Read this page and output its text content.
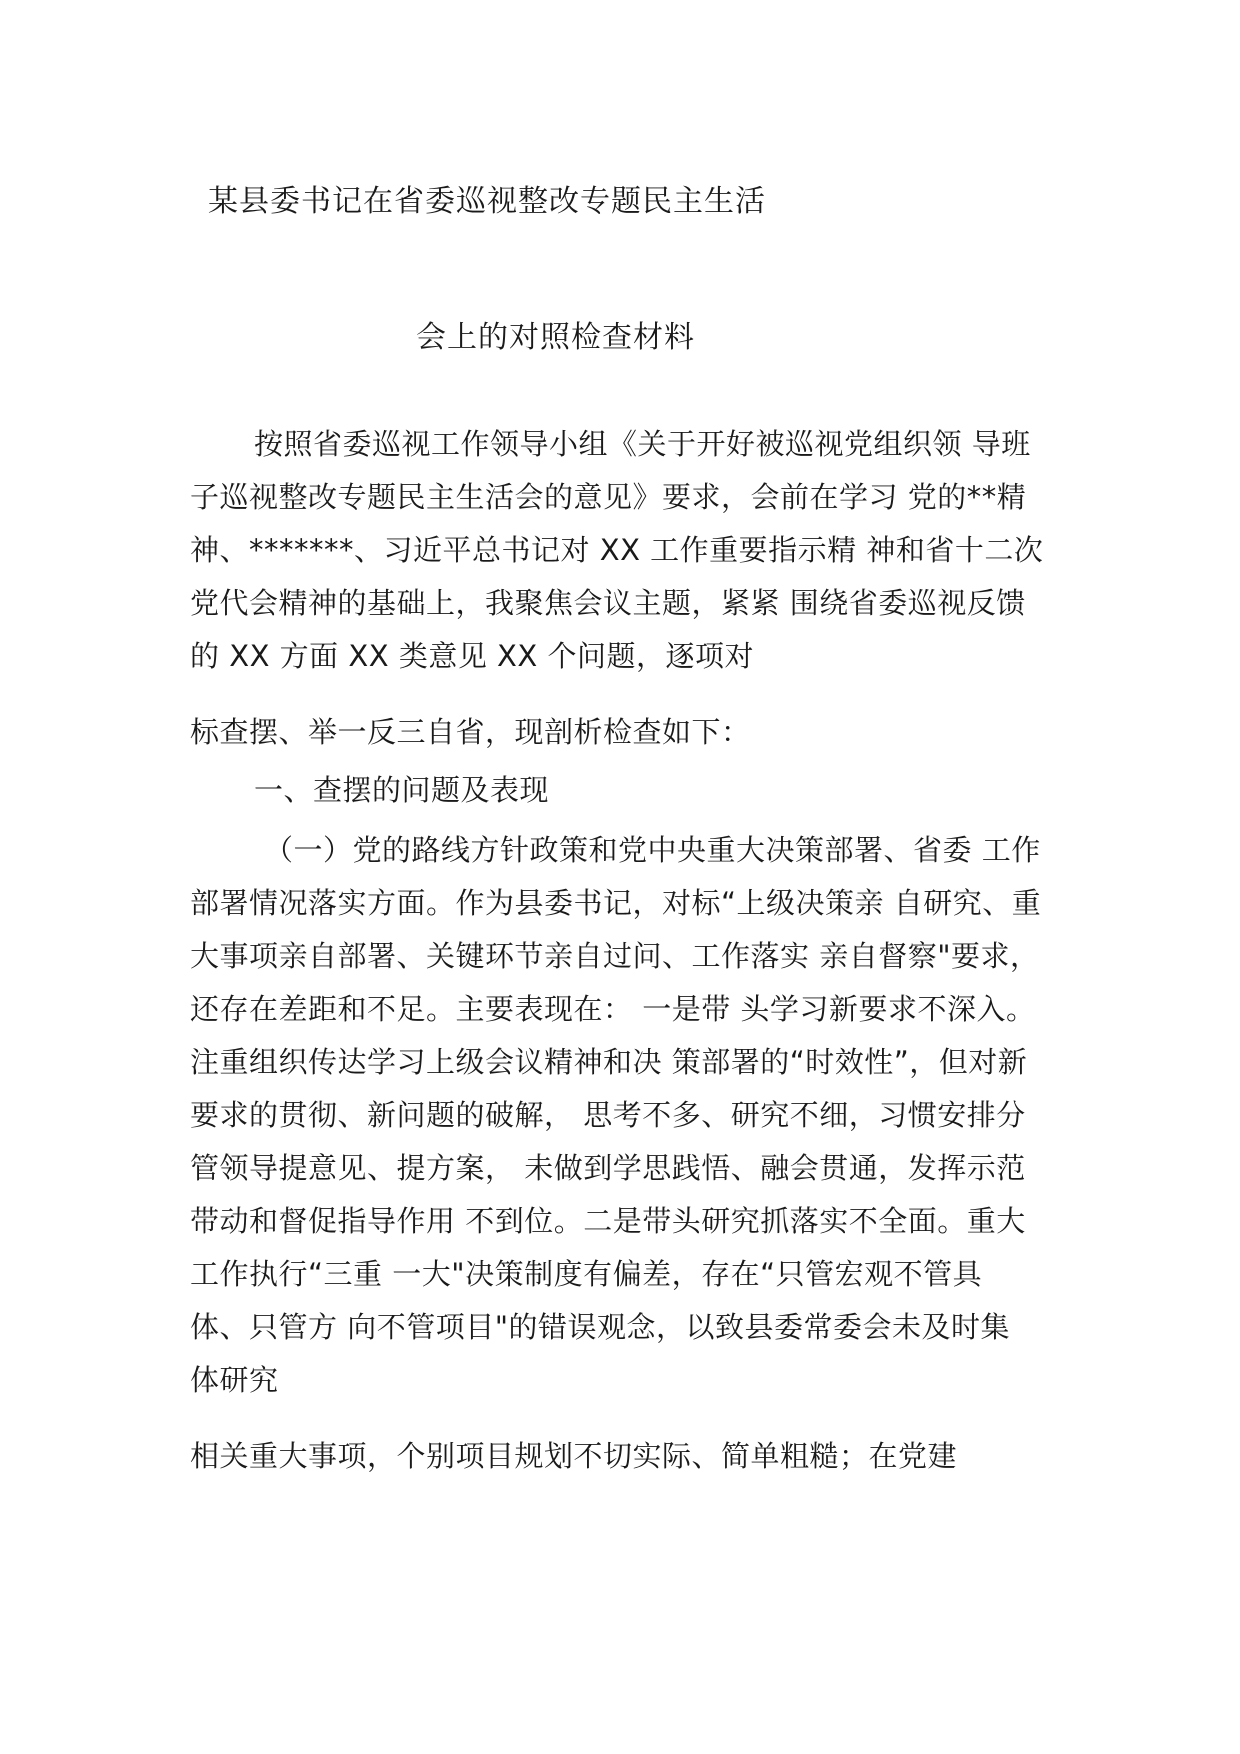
某县委书记在省委巡视整改专题民主生活
会上的对照检查材料
按照省委巡视工作领导小组《关于开好被巡视党组织领 导班
子巡视整改专题民主生活会的意见》要求，会前在学习 党的**精
神、*******、习近平总书记对 XX 工作重要指示精 神和省十二次
党代会精神的基础上，我聚焦会议主题，紧紧 围绕省委巡视反馈
的 XX 方面 XX 类意见 XX 个问题，逐项对
标查摆、举一反三自省，现剖析检查如下：
一、查摆的问题及表现
（一）党的路线方针政策和党中央重大决策部署、省委 工作
部署情况落实方面。作为县委书记，对标“上级决策亲 自研究、重
大事项亲自部署、关键环节亲自过问、工作落实 亲自督察"要求，
还存在差距和不足。主要表现在： 一是带 头学习新要求不深入。
注重组织传达学习上级会议精神和决 策部署的“时效性”，但对新
要求的贯彻、新问题的破解， 思考不多、研究不细，习惯安排分
管领导提意见、提方案， 未做到学思践悟、融会贯通，发挥示范
带动和督促指导作用 不到位。二是带头研究抓落实不全面。重大
工作执行“三重 一大"决策制度有偏差，存在“只管宏观不管具
体、只管方 向不管项目"的错误观念，以致县委常委会未及时集
体研究
相关重大事项，个别项目规划不切实际、简单粗糙；在党建
